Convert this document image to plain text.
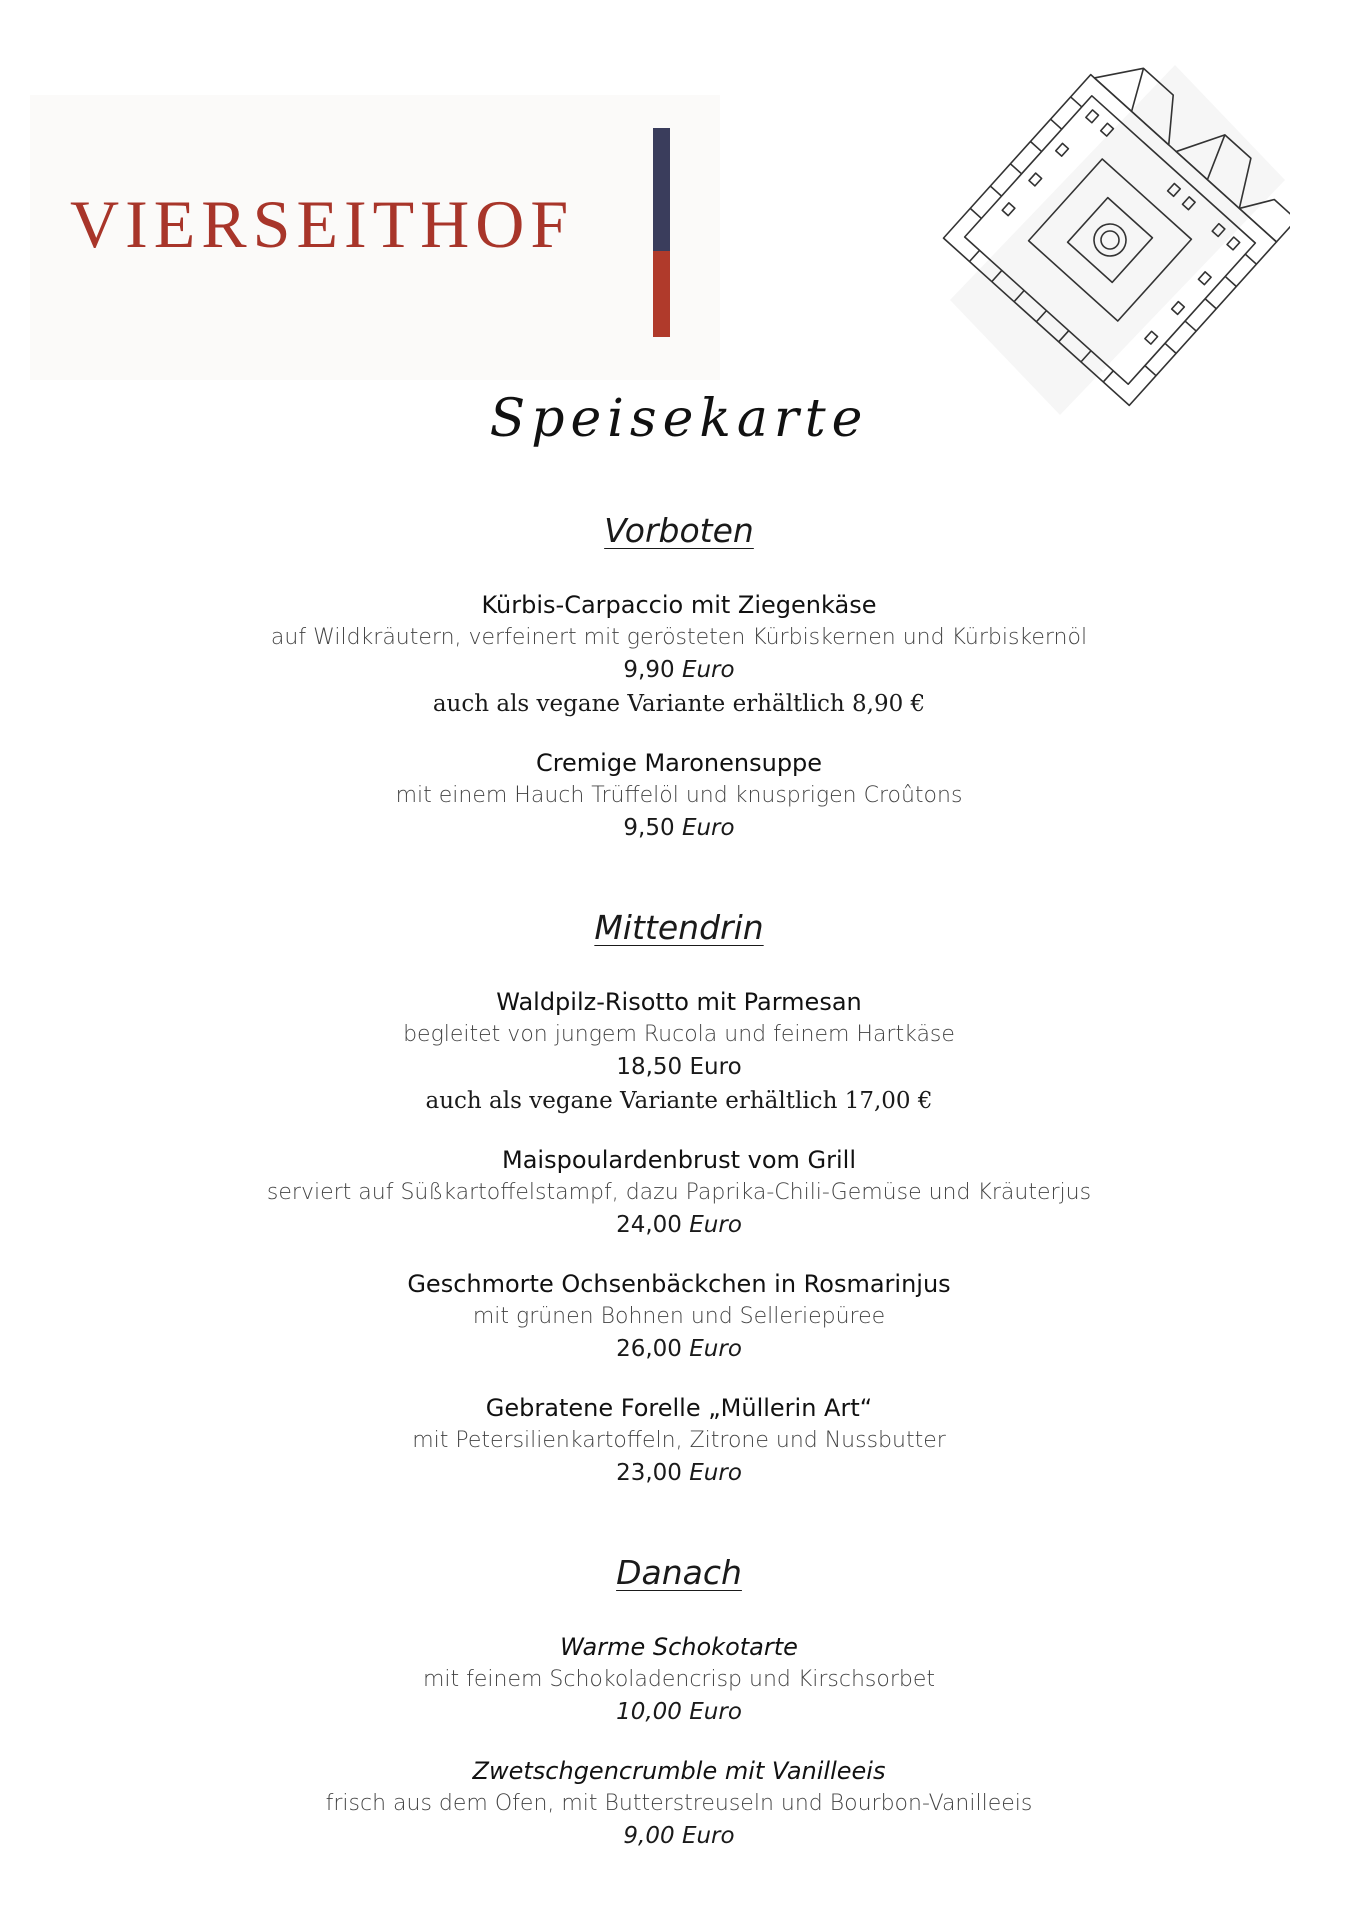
VIERSEITHOF
Speisekarte
Vorboten
Kürbis-Carpaccio mit Ziegenkäse
auf Wildkräutern, verfeinert mit gerösteten Kürbiskernen und Kürbiskernöl
9,90 Euro
auch als vegane Variante erhältlich 8,90 €
Cremige Maronensuppe
mit einem Hauch Trüffelöl und knusprigen Croûtons
9,50 Euro
Mittendrin
Waldpilz-Risotto mit Parmesan
begleitet von jungem Rucola und feinem Hartkäse
18,50 Euro
auch als vegane Variante erhältlich 17,00 €
Maispoulardenbrust vom Grill
serviert auf Süßkartoffelstampf, dazu Paprika-Chili-Gemüse und Kräuterjus
24,00 Euro
Geschmorte Ochsenbäckchen in Rosmarinjus
mit grünen Bohnen und Selleriepüree
26,00 Euro
Gebratene Forelle „Müllerin Art“
mit Petersilienkartoffeln, Zitrone und Nussbutter
23,00 Euro
Danach
Warme Schokotarte
mit feinem Schokoladencrisp und Kirschsorbet
10,00 Euro
Zwetschgencrumble mit Vanilleeis
frisch aus dem Ofen, mit Butterstreuseln und Bourbon-Vanilleeis
9,00 Euro
